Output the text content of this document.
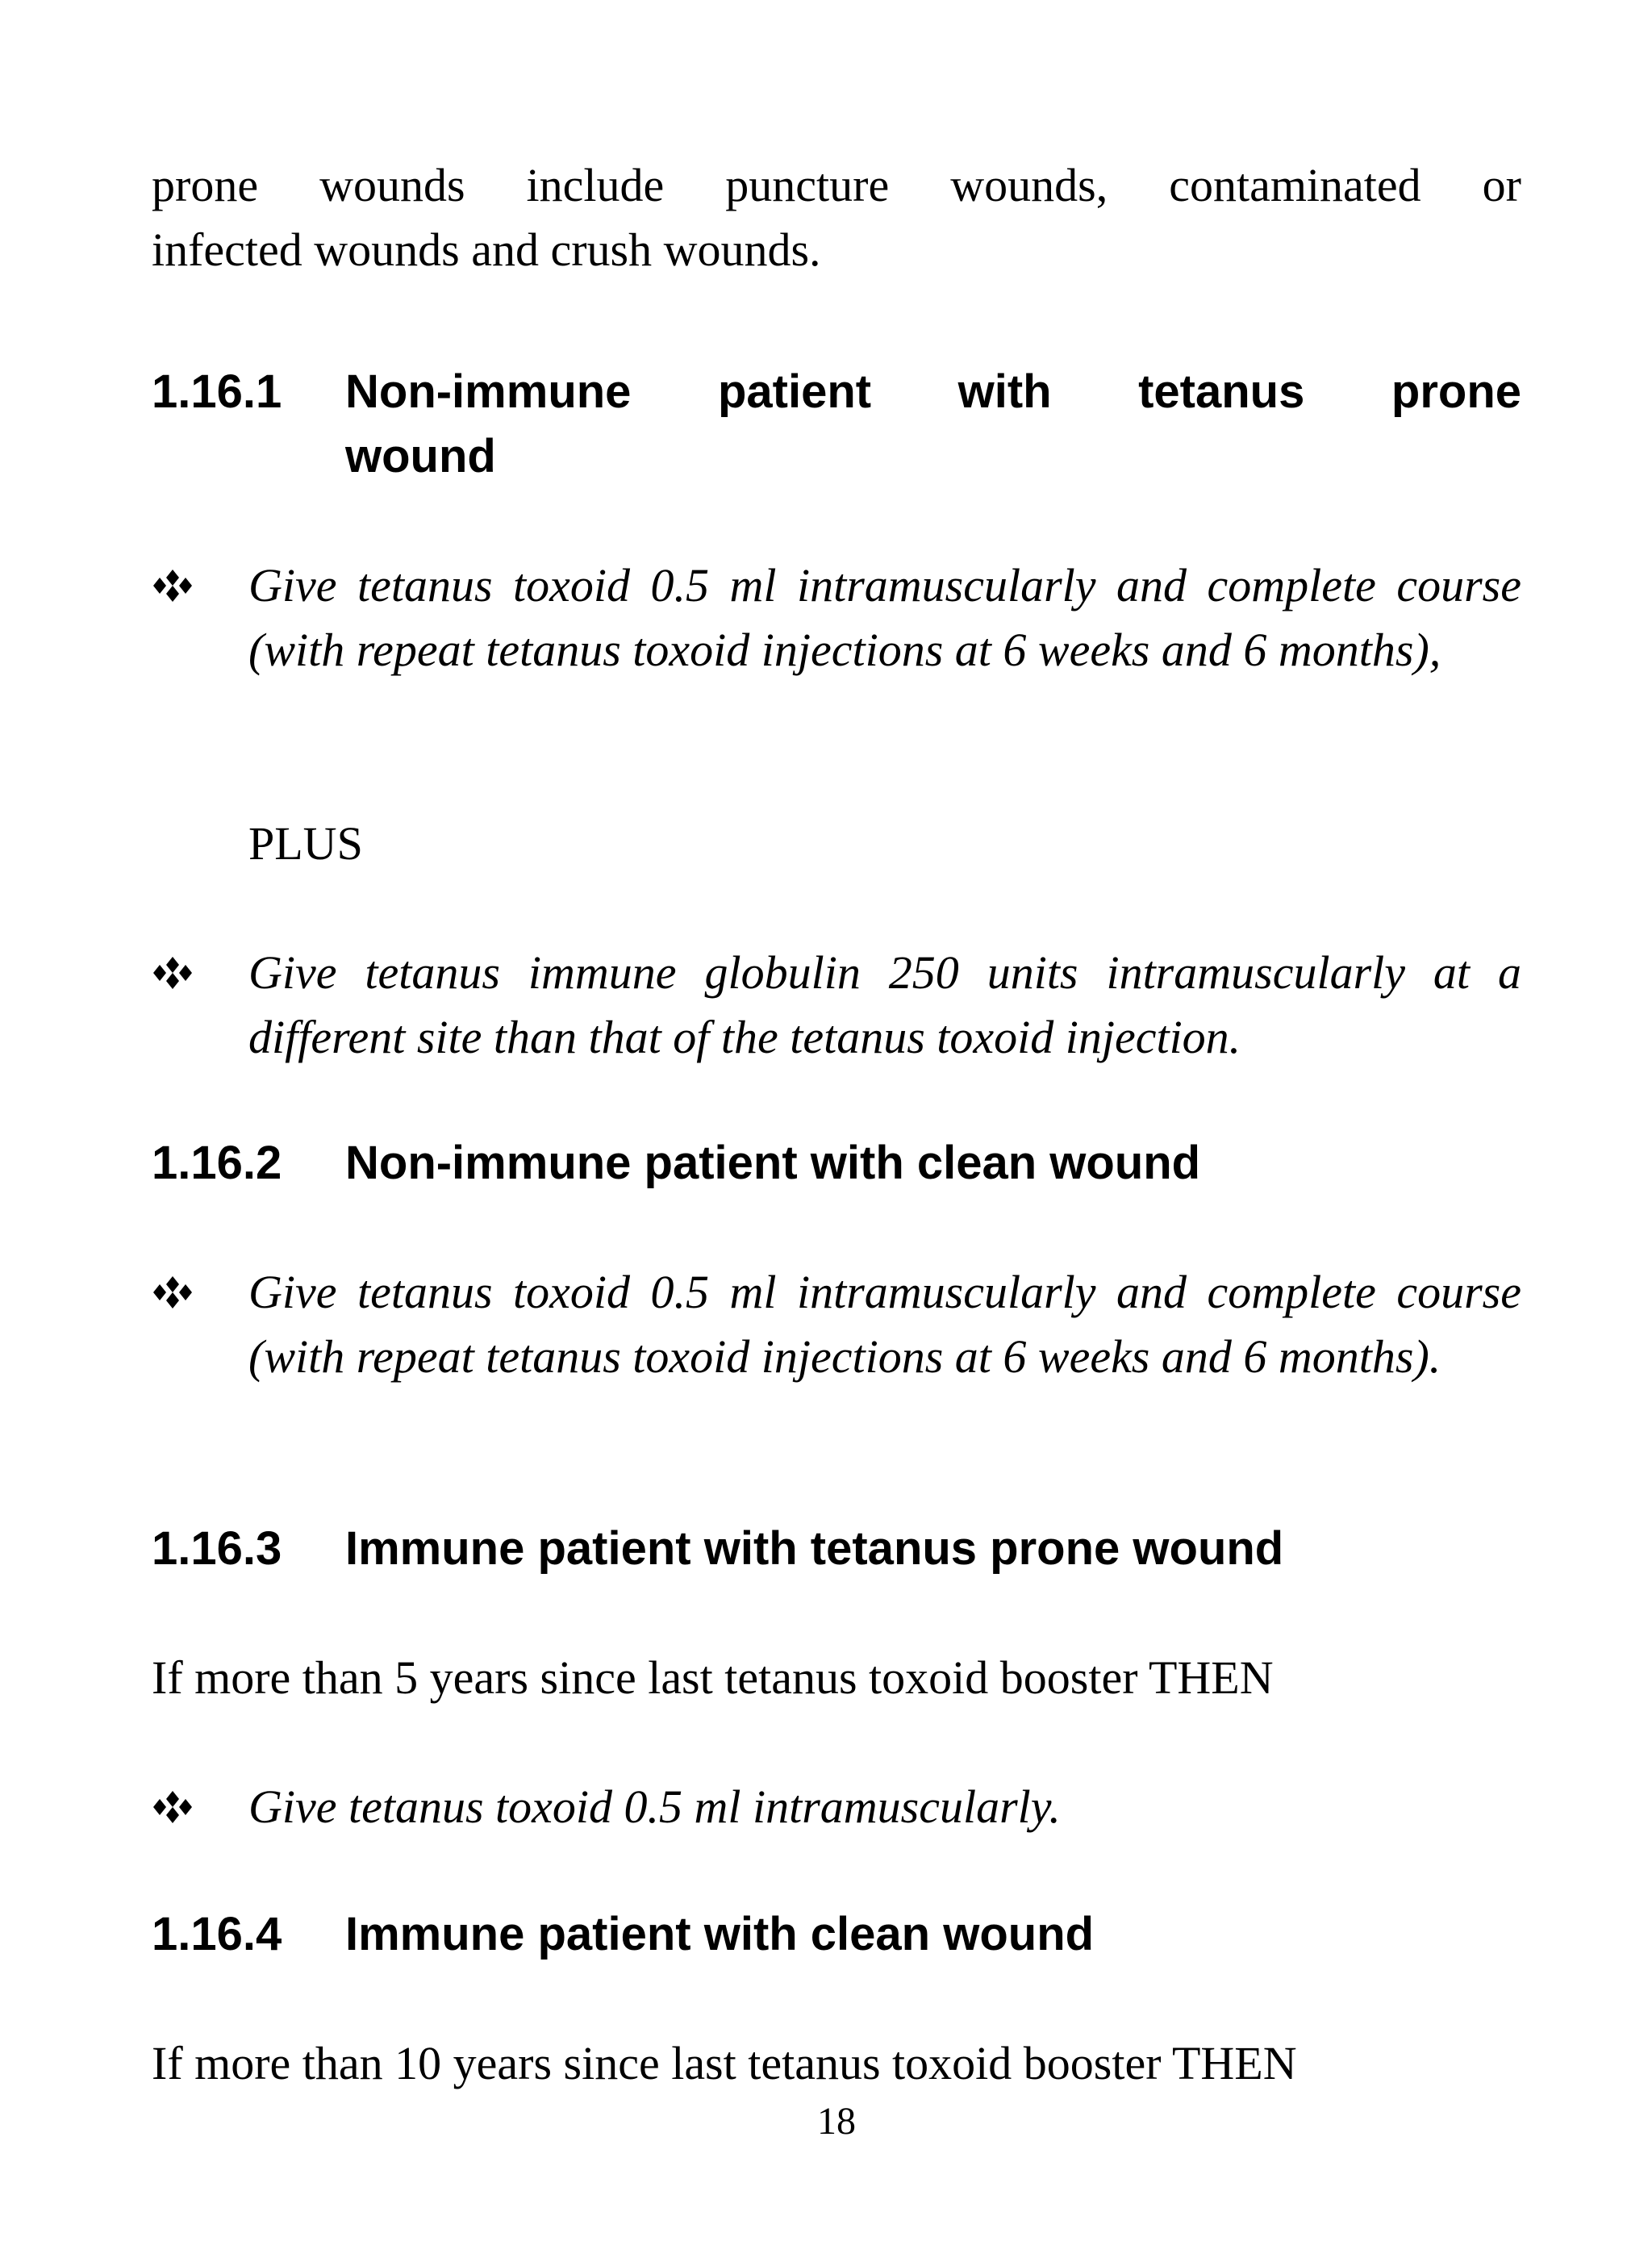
prone wounds include puncture wounds, contaminated or
infected wounds and crush wounds.
1.16.1 Non-immune patient with tetanus prone
wound

Give tetanus toxoid 0.5 ml intramuscularly and complete course (with repeat tetanus toxoid injections at 6 weeks and 6 months),

PLUS

Give tetanus immune globulin 250 units intramuscularly at a different site than that of the tetanus toxoid injection.

1.16.2 Non-immune patient with clean wound

Give tetanus toxoid 0.5 ml intramuscularly and complete course (with repeat tetanus toxoid injections at 6 weeks and 6 months).

1.16.3 Immune patient with tetanus prone wound

If more than 5 years since last tetanus toxoid booster THEN

Give tetanus toxoid 0.5 ml intramuscularly.

1.16.4 Immune patient with clean wound

If more than 10 years since last tetanus toxoid booster THEN

18
